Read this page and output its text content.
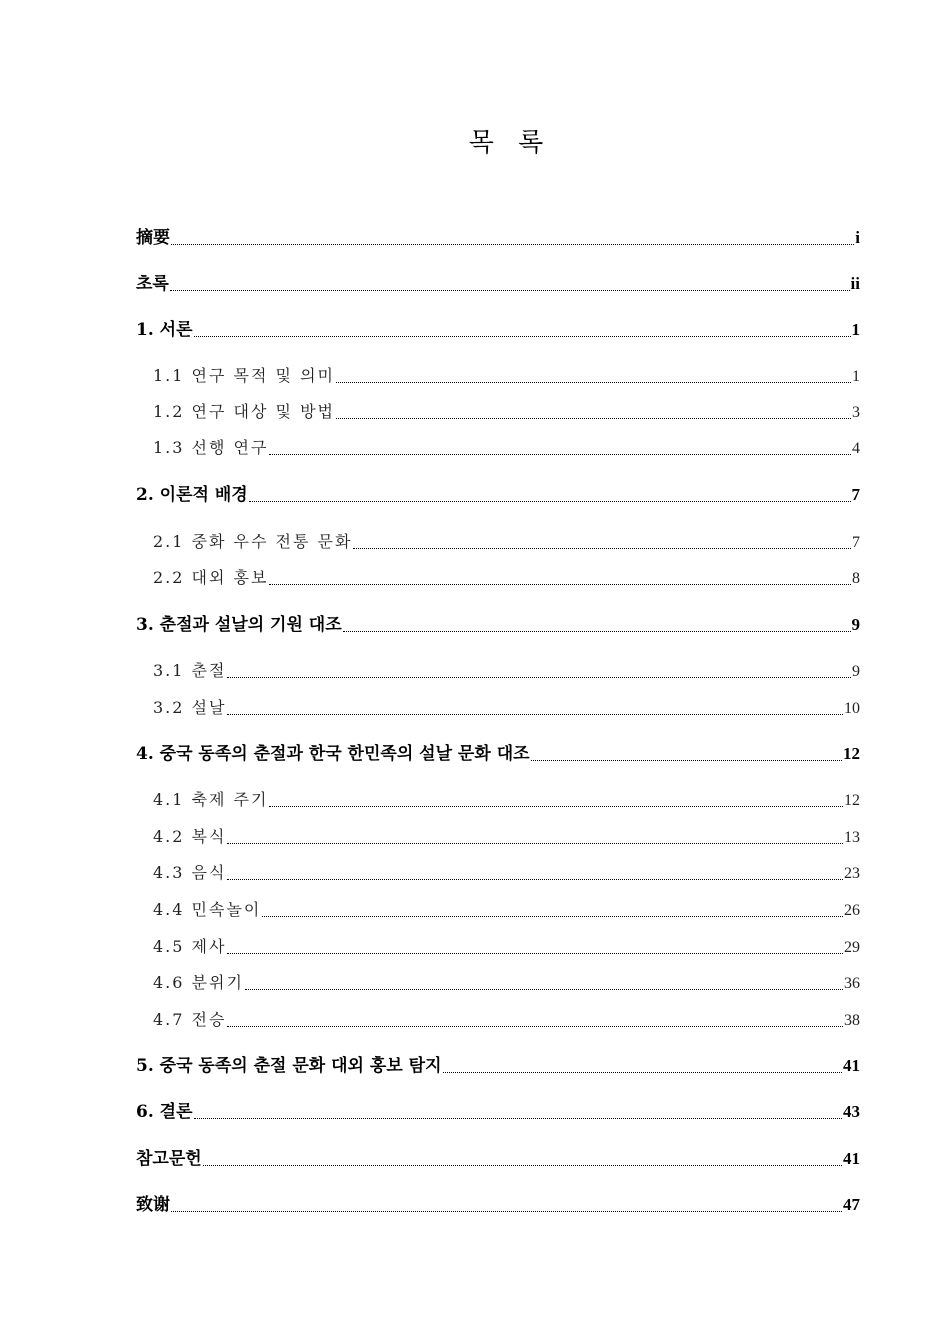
목 록
摘要	i
초록	ii
1. 서론	1
1.1 연구 목적 및 의미	1
1.2 연구 대상 및 방법	3
1.3 선행 연구	4
2. 이론적 배경	7
2.1 중화 우수 전통 문화	7
2.2 대외 홍보	8
3. 춘절과 설날의 기원 대조	9
3.1 춘절	9
3.2 설날	10
4. 중국 동족의 춘절과 한국 한민족의 설날 문화 대조	12
4.1 축제 주기	12
4.2 복식	13
4.3 음식	23
4.4 민속놀이	26
4.5 제사	29
4.6 분위기	36
4.7 전승	38
5. 중국 동족의 춘절 문화 대외 홍보 탐지	41
6. 결론	43
참고문헌	41
致谢	47
